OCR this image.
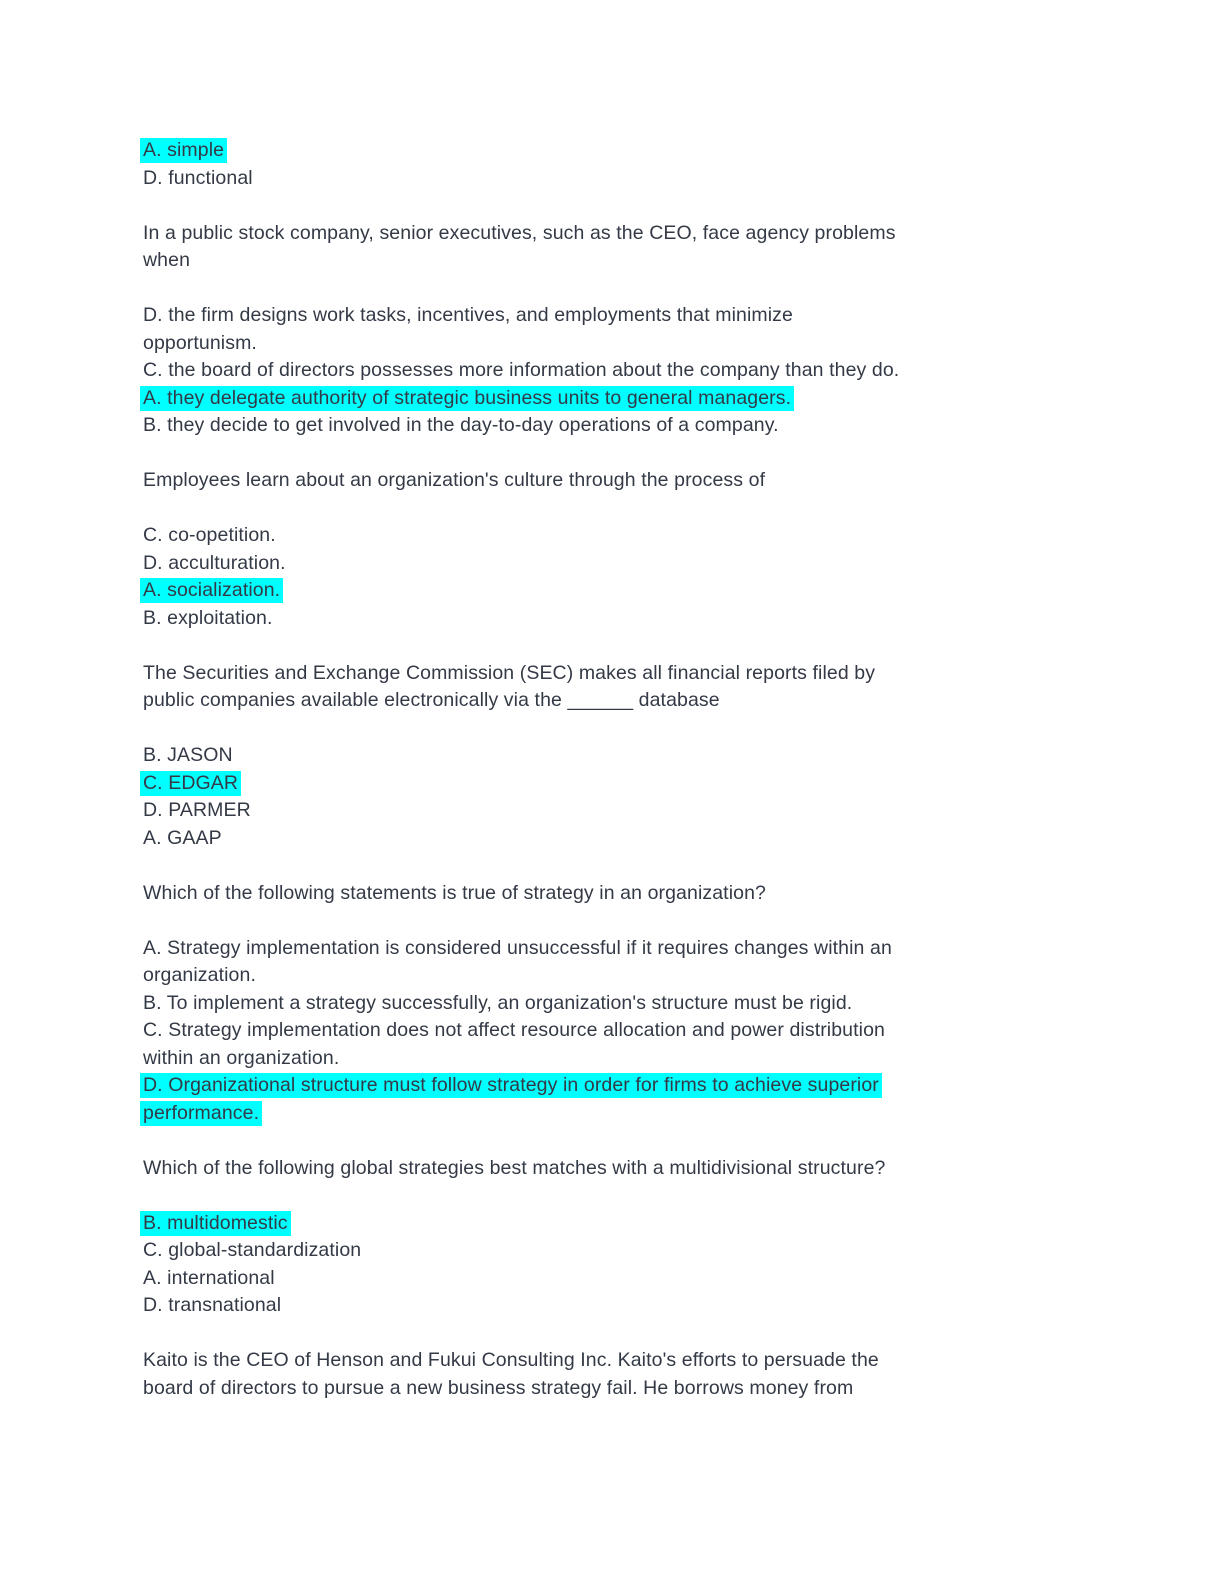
A. simple
D. functional
In a public stock company, senior executives, such as the CEO, face agency problems
when
D. the firm designs work tasks, incentives, and employments that minimize
opportunism.
C. the board of directors possesses more information about the company than they do.
A. they delegate authority of strategic business units to general managers.
B. they decide to get involved in the day-to-day operations of a company.
Employees learn about an organization's culture through the process of
C. co-opetition.
D. acculturation.
A. socialization.
B. exploitation.
The Securities and Exchange Commission (SEC) makes all financial reports filed by
public companies available electronically via the ______ database
B. JASON
C. EDGAR
D. PARMER
A. GAAP
Which of the following statements is true of strategy in an organization?
A. Strategy implementation is considered unsuccessful if it requires changes within an
organization.
B. To implement a strategy successfully, an organization's structure must be rigid.
C. Strategy implementation does not affect resource allocation and power distribution
within an organization.
D. Organizational structure must follow strategy in order for firms to achieve superior
performance.
Which of the following global strategies best matches with a multidivisional structure?
B. multidomestic
C. global-standardization
A. international
D. transnational
Kaito is the CEO of Henson and Fukui Consulting Inc. Kaito's efforts to persuade the
board of directors to pursue a new business strategy fail. He borrows money from
